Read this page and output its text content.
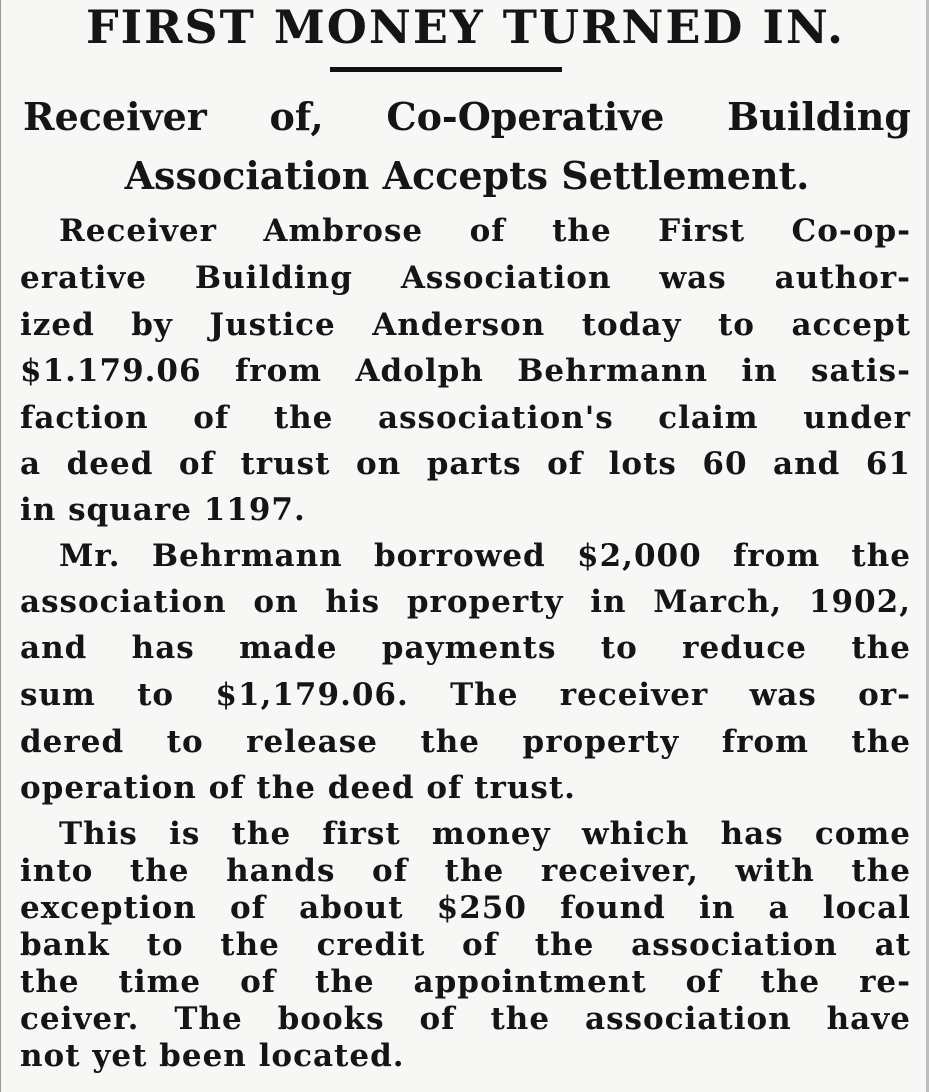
FIRST MONEY TURNED IN.
Receiver of, Co-Operative Building
Association Accepts Settlement.
Receiver Ambrose of the First Co-op-
erative Building Association was author-
ized by Justice Anderson today to accept
$1.179.06 from Adolph Behrmann in satis-
faction of the association's claim under
a deed of trust on parts of lots 60 and 61
in square 1197.
Mr. Behrmann borrowed $2,000 from the
association on his property in March, 1902,
and has made payments to reduce the
sum to $1,179.06. The receiver was or-
dered to release the property from the
operation of the deed of trust.
This is the first money which has come
into the hands of the receiver, with the
exception of about $250 found in a local
bank to the credit of the association at
the time of the appointment of the re-
ceiver. The books of the association have
not yet been located.
